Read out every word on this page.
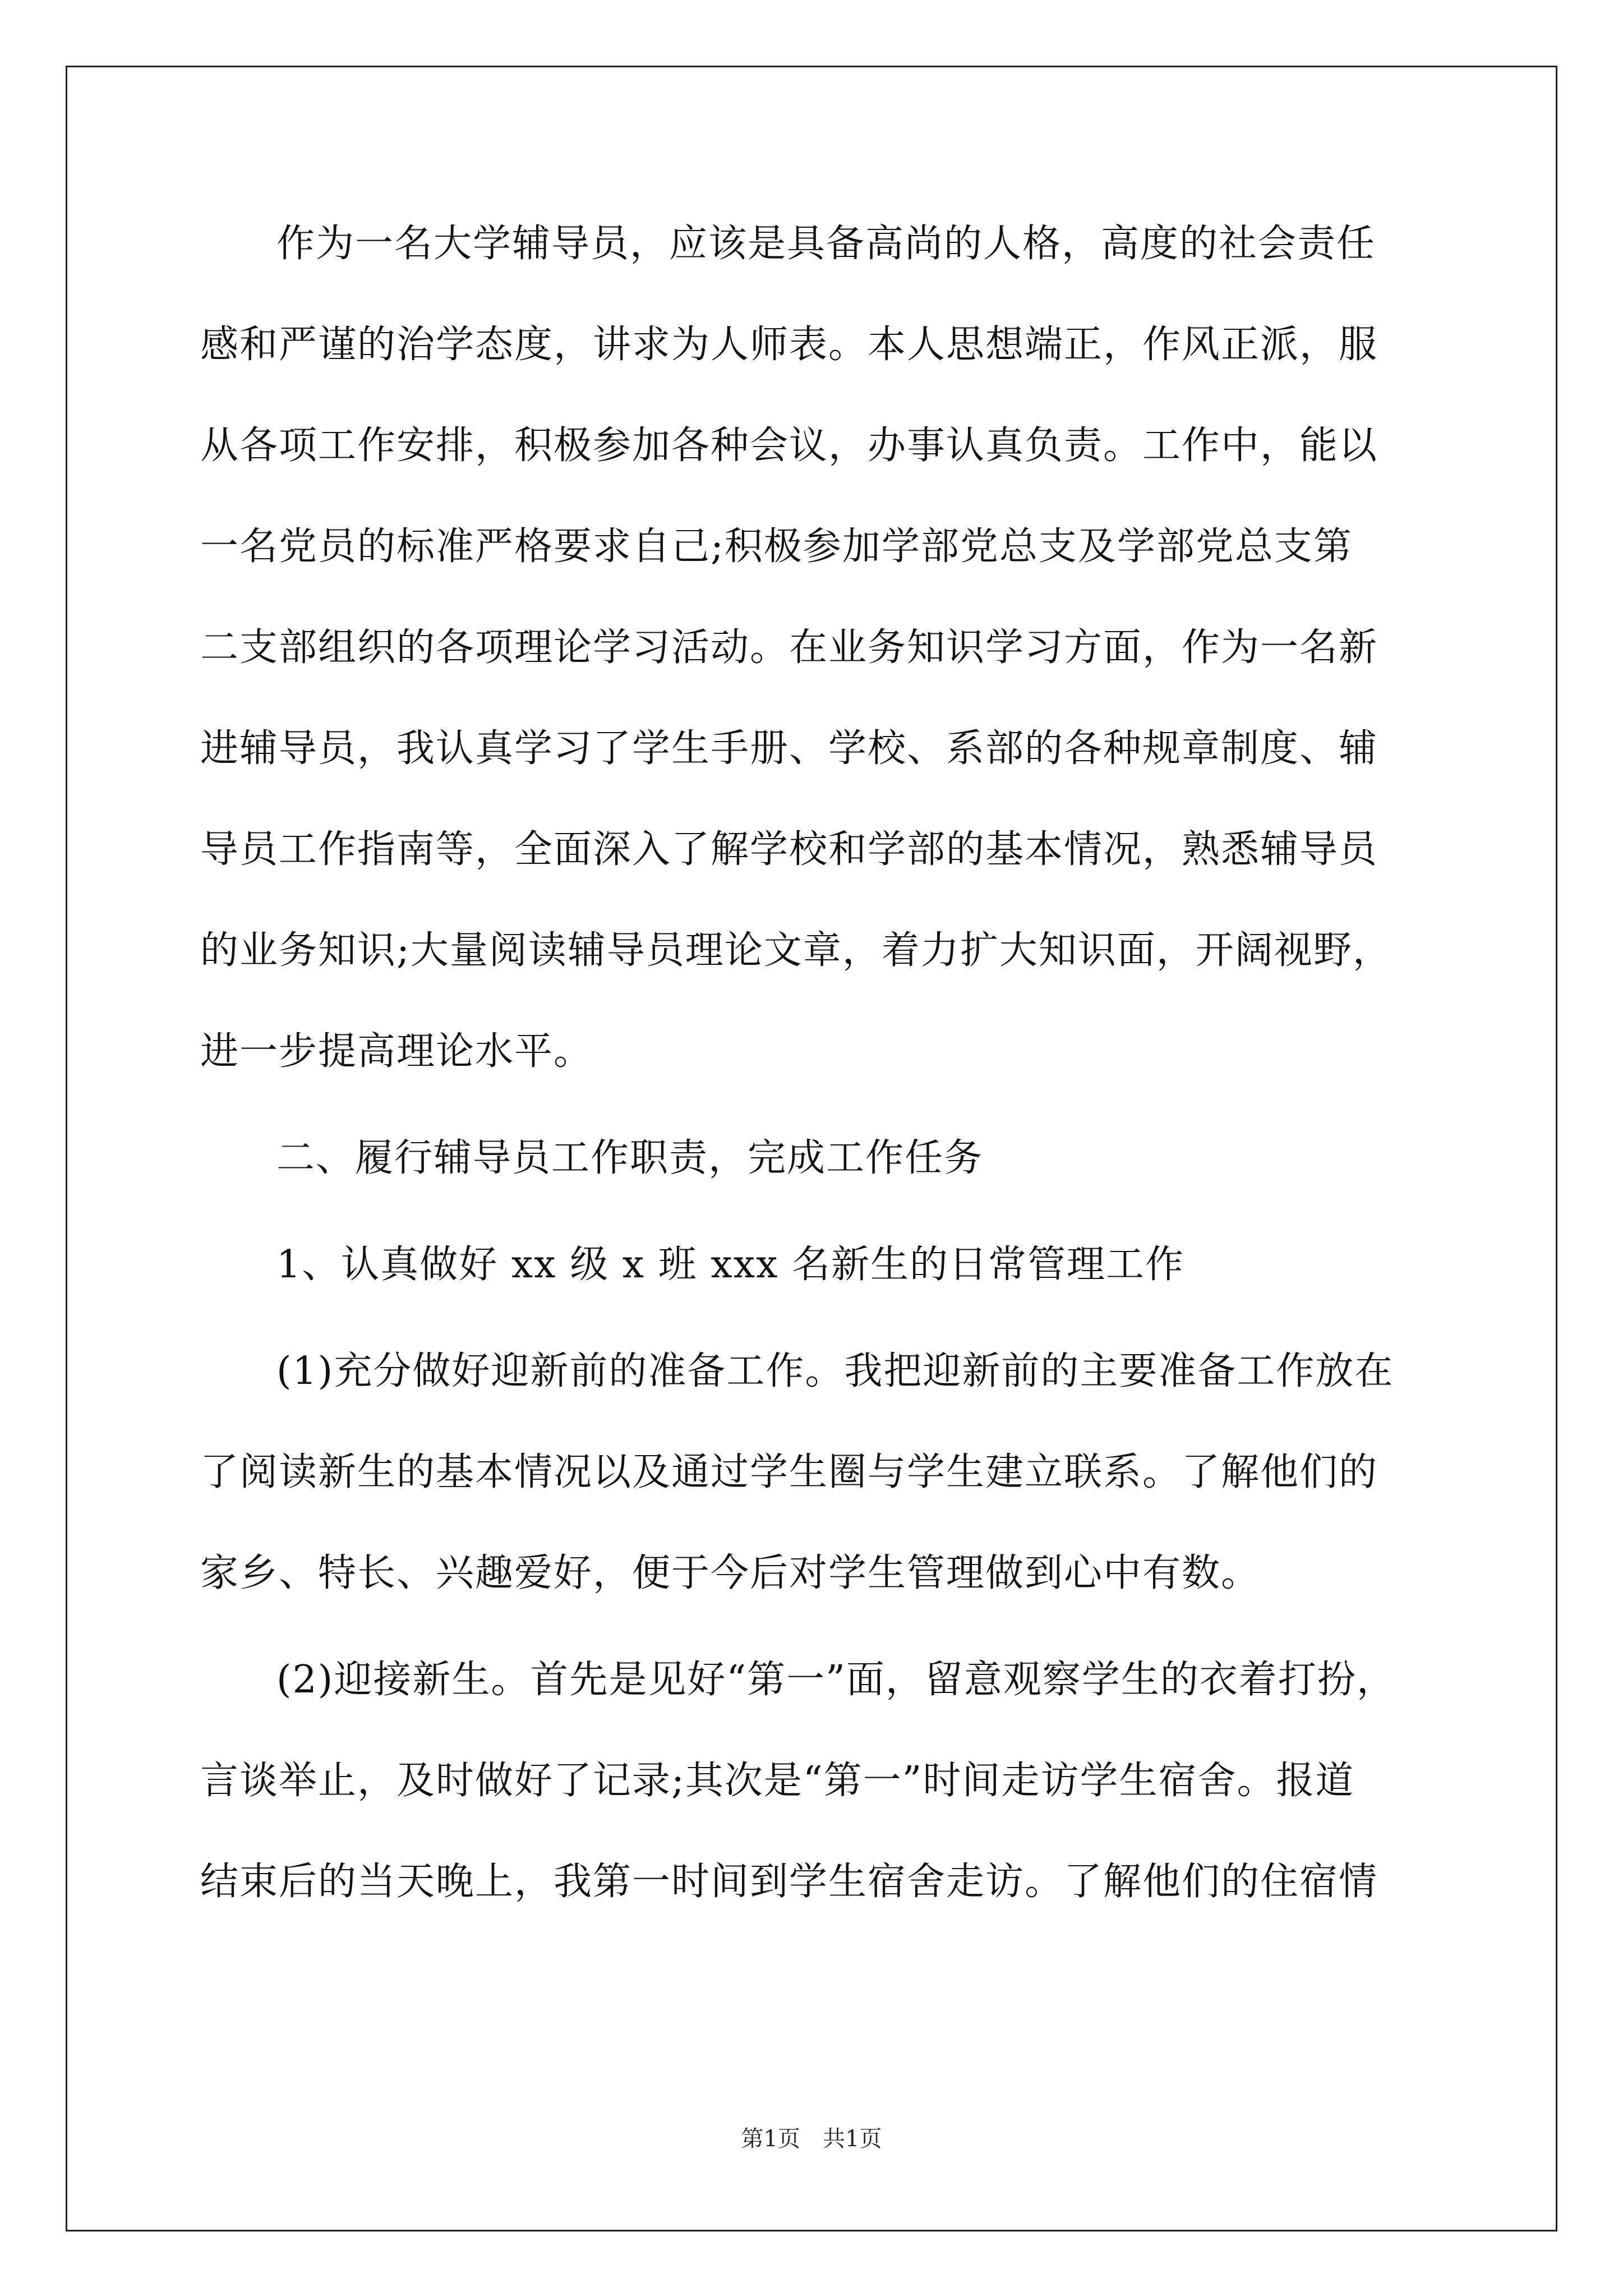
作为一名大学辅导员，应该是具备高尚的人格，高度的社会责任
感和严谨的治学态度，讲求为人师表。本人思想端正，作风正派，服
从各项工作安排，积极参加各种会议，办事认真负责。工作中，能以
一名党员的标准严格要求自己;积极参加学部党总支及学部党总支第
二支部组织的各项理论学习活动。在业务知识学习方面，作为一名新
进辅导员，我认真学习了学生手册、学校、系部的各种规章制度、辅
导员工作指南等，全面深入了解学校和学部的基本情况，熟悉辅导员
的业务知识;大量阅读辅导员理论文章，着力扩大知识面，开阔视野，
进一步提高理论水平。
二、履行辅导员工作职责，完成工作任务
1、认真做好 xx 级 x 班 xxx 名新生的日常管理工作
(1)充分做好迎新前的准备工作。我把迎新前的主要准备工作放在
了阅读新生的基本情况以及通过学生圈与学生建立联系。了解他们的
家乡、特长、兴趣爱好，便于今后对学生管理做到心中有数。
(2)迎接新生。首先是见好“第一”面，留意观察学生的衣着打扮，
言谈举止，及时做好了记录;其次是“第一”时间走访学生宿舍。报道
结束后的当天晚上，我第一时间到学生宿舍走访。了解他们的住宿情
第1页　共1页
